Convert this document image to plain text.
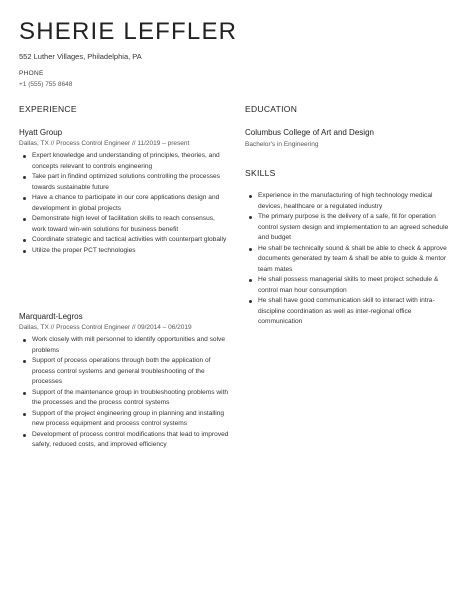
SHERIE LEFFLER
552 Luther Villages, Philadelphia, PA
PHONE
+1 (555) 755 8648
EXPERIENCE
Hyatt Group
Dallas, TX // Process Control Engineer // 11/2019 – present
Expert knowledge and understanding of principles, theories, and concepts relevant to controls engineering
Take part in findind optimized solutions controlling the processes towards sustainable future
Have a chance to participate in our core applications design and development in global projects
Demonstrate high level of facilitation skills to reach consensus, work toward win-win solutions for business benefit
Coordinate strategic and tactical activities with counterpart globally
Utilize the proper PCT technologies
Marquardt-Legros
Dallas, TX // Process Control Engineer // 09/2014 – 06/2019
Work closely with mill personnel to identify opportunities and solve problems
Support of process operations through both the application of process control systems and general troubleshooting of the processes
Support of the maintenance group in troubleshooting problems with the processes and the process control systems
Support of the project engineering group in planning and installing new process equipment and process control systems
Development of process control modifications that lead to improved safety, reduced costs, and improved efficiency
EDUCATION
Columbus College of Art and Design
Bachelor's in Engineering
SKILLS
Experience in the manufacturing of high technology medical devices, healthcare or a regulated industry
The primary purpose is the delivery of a safe, fit for operation control system design and implementation to an agreed schedule and budget
He shall be technically sound & shall be able to check & approve documents generated by team & shall be able to guide & mentor team mates
He shall possess managerial skills to meet project schedule & control man hour consumption
He shall have good communication skill to interact with intra-discipline coordination as well as inter-regional office communication
